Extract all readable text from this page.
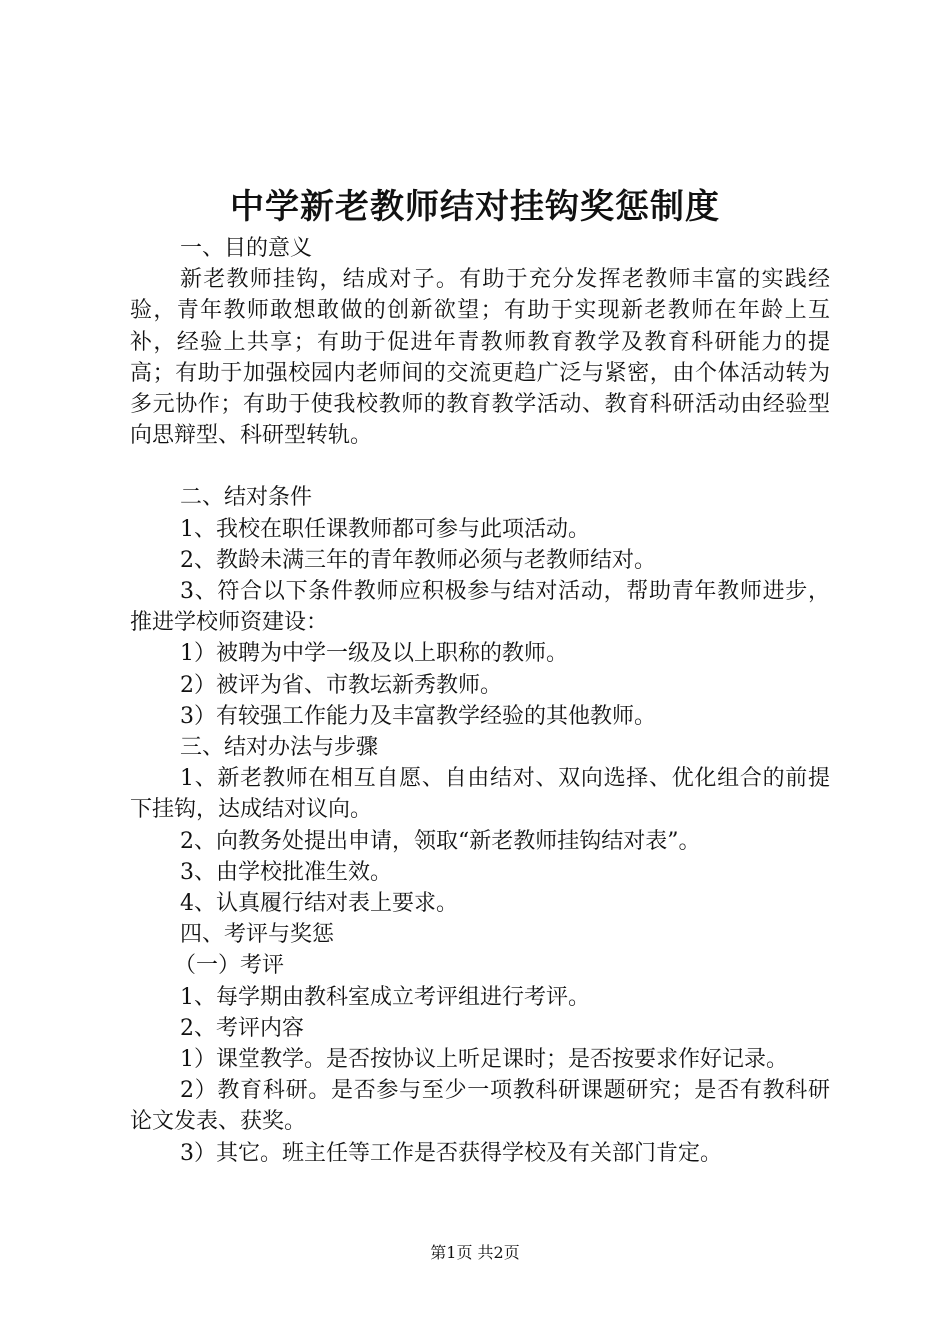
中学新老教师结对挂钩奖惩制度

一、目的意义

新老教师挂钩，结成对子。有助于充分发挥老教师丰富的实践经验，青年教师敢想敢做的创新欲望；有助于实现新老教师在年龄上互补，经验上共享；有助于促进年青教师教育教学及教育科研能力的提高；有助于加强校园内老师间的交流更趋广泛与紧密，由个体活动转为多元协作；有助于使我校教师的教育教学活动、教育科研活动由经验型向思辩型、科研型转轨。

二、结对条件

1、我校在职任课教师都可参与此项活动。

2、教龄未满三年的青年教师必须与老教师结对。

3、符合以下条件教师应积极参与结对活动，帮助青年教师进步，推进学校师资建设：

1）被聘为中学一级及以上职称的教师。

2）被评为省、市教坛新秀教师。

3）有较强工作能力及丰富教学经验的其他教师。

三、结对办法与步骤

1、新老教师在相互自愿、自由结对、双向选择、优化组合的前提下挂钩，达成结对议向。

2、向教务处提出申请，领取“新老教师挂钩结对表”。

3、由学校批准生效。

4、认真履行结对表上要求。

四、考评与奖惩

（一）考评

1、每学期由教科室成立考评组进行考评。

2、考评内容

1）课堂教学。是否按协议上听足课时；是否按要求作好记录。

2）教育科研。是否参与至少一项教科研课题研究；是否有教科研论文发表、获奖。

3）其它。班主任等工作是否获得学校及有关部门肯定。

第1页 共2页
